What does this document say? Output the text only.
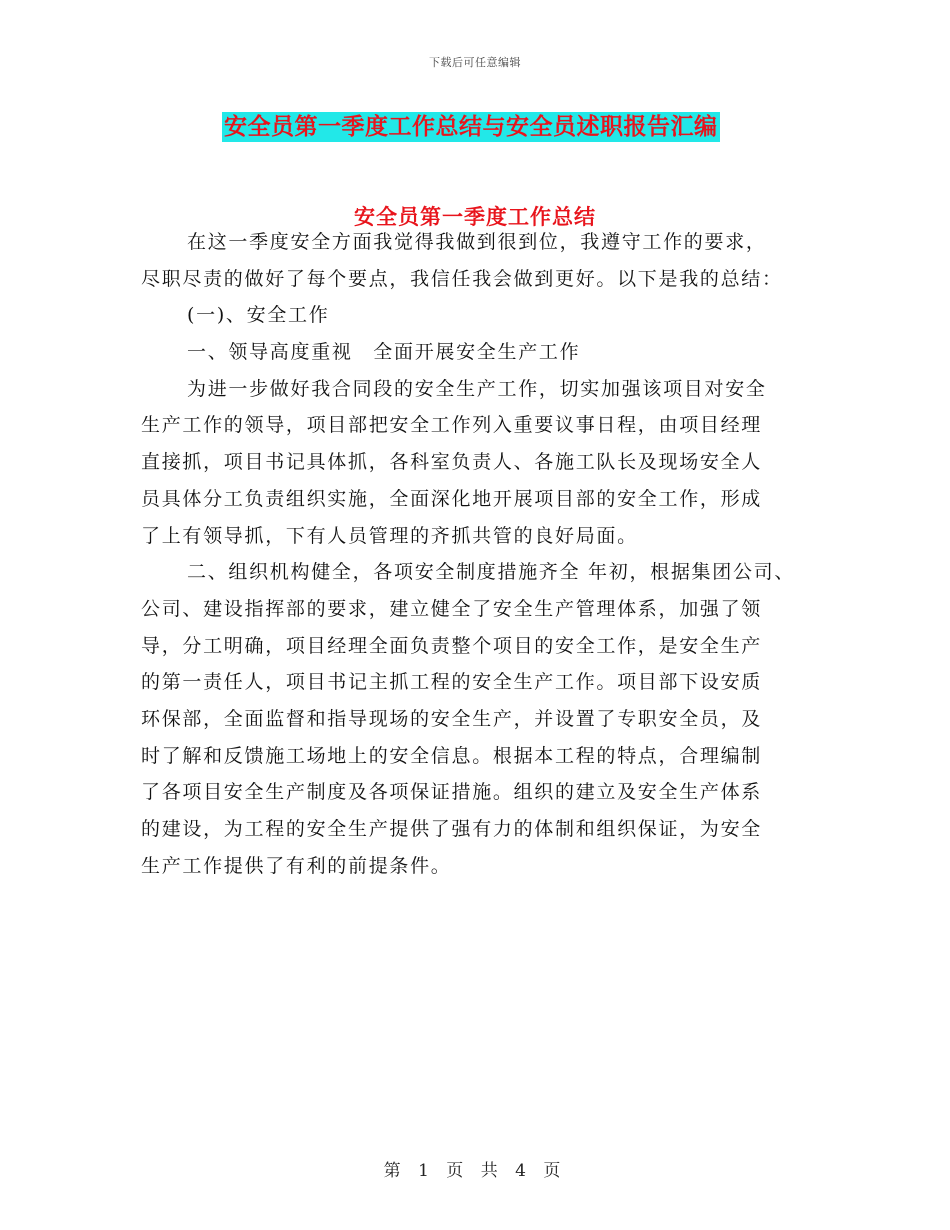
下载后可任意编辑
安全员第一季度工作总结与安全员述职报告汇编
安全员第一季度工作总结
在这一季度安全方面我觉得我做到很到位，我遵守工作的要求，
尽职尽责的做好了每个要点，我信任我会做到更好。以下是我的总结：
(一)、安全工作
一、领导高度重视　全面开展安全生产工作
为进一步做好我合同段的安全生产工作，切实加强该项目对安全
生产工作的领导，项目部把安全工作列入重要议事日程，由项目经理
直接抓，项目书记具体抓，各科室负责人、各施工队长及现场安全人
员具体分工负责组织实施，全面深化地开展项目部的安全工作，形成
了上有领导抓，下有人员管理的齐抓共管的良好局面。
二、组织机构健全，各项安全制度措施齐全 年初，根据集团公司、
公司、建设指挥部的要求，建立健全了安全生产管理体系，加强了领
导，分工明确，项目经理全面负责整个项目的安全工作，是安全生产
的第一责任人，项目书记主抓工程的安全生产工作。项目部下设安质
环保部，全面监督和指导现场的安全生产，并设置了专职安全员，及
时了解和反馈施工场地上的安全信息。根据本工程的特点，合理编制
了各项目安全生产制度及各项保证措施。组织的建立及安全生产体系
的建设，为工程的安全生产提供了强有力的体制和组织保证，为安全
生产工作提供了有利的前提条件。
第 1 页 共 4 页
